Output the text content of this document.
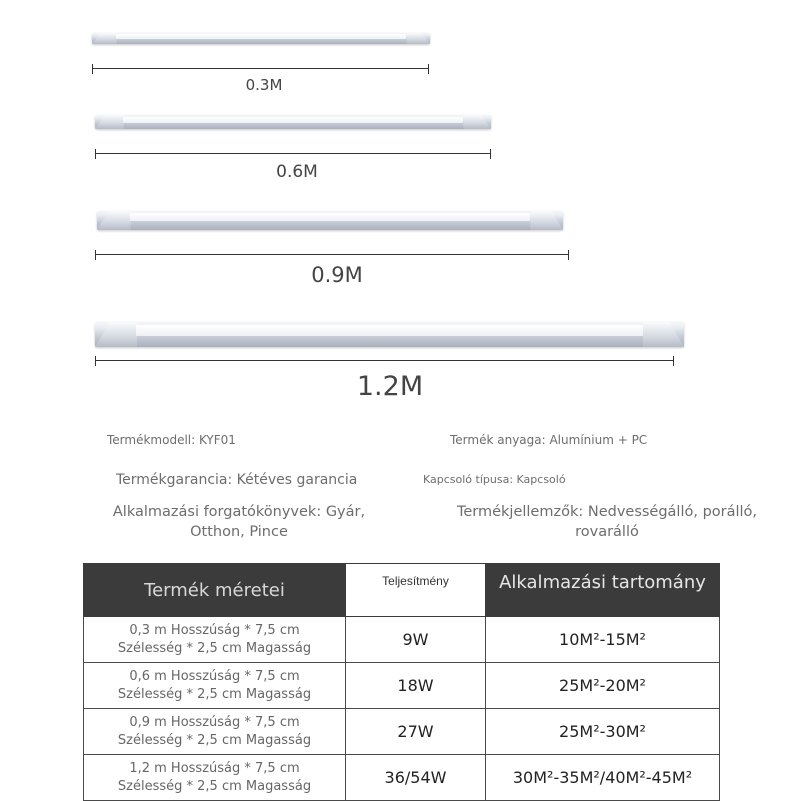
0.3M
0.6M
0.9M
1.2M
Termékmodell: KYF01	Termék anyaga: Alumínium + PC
Termékgarancia: Kétéves garancia	Kapcsoló típusa: Kapcsoló
Alkalmazási forgatókönyvek: Gyár,
Otthon, Pince
Termékjellemzők: Nedvességálló, porálló,
rovarálló
Termék méretei	Teljesítmény	Alkalmazási tartomány

0,3 m Hosszúság * 7,5 cm
Szélesség * 2,5 cm Magasság	9W	10M²-15M²

0,6 m Hosszúság * 7,5 cm
Szélesség * 2,5 cm Magasság	18W	25M²-20M²

0,9 m Hosszúság * 7,5 cm
Szélesség * 2,5 cm Magasság	27W	25M²-30M²

1,2 m Hosszúság * 7,5 cm
Szélesség * 2,5 cm Magasság	36/54W	30M²-35M²/40M²-45M²
